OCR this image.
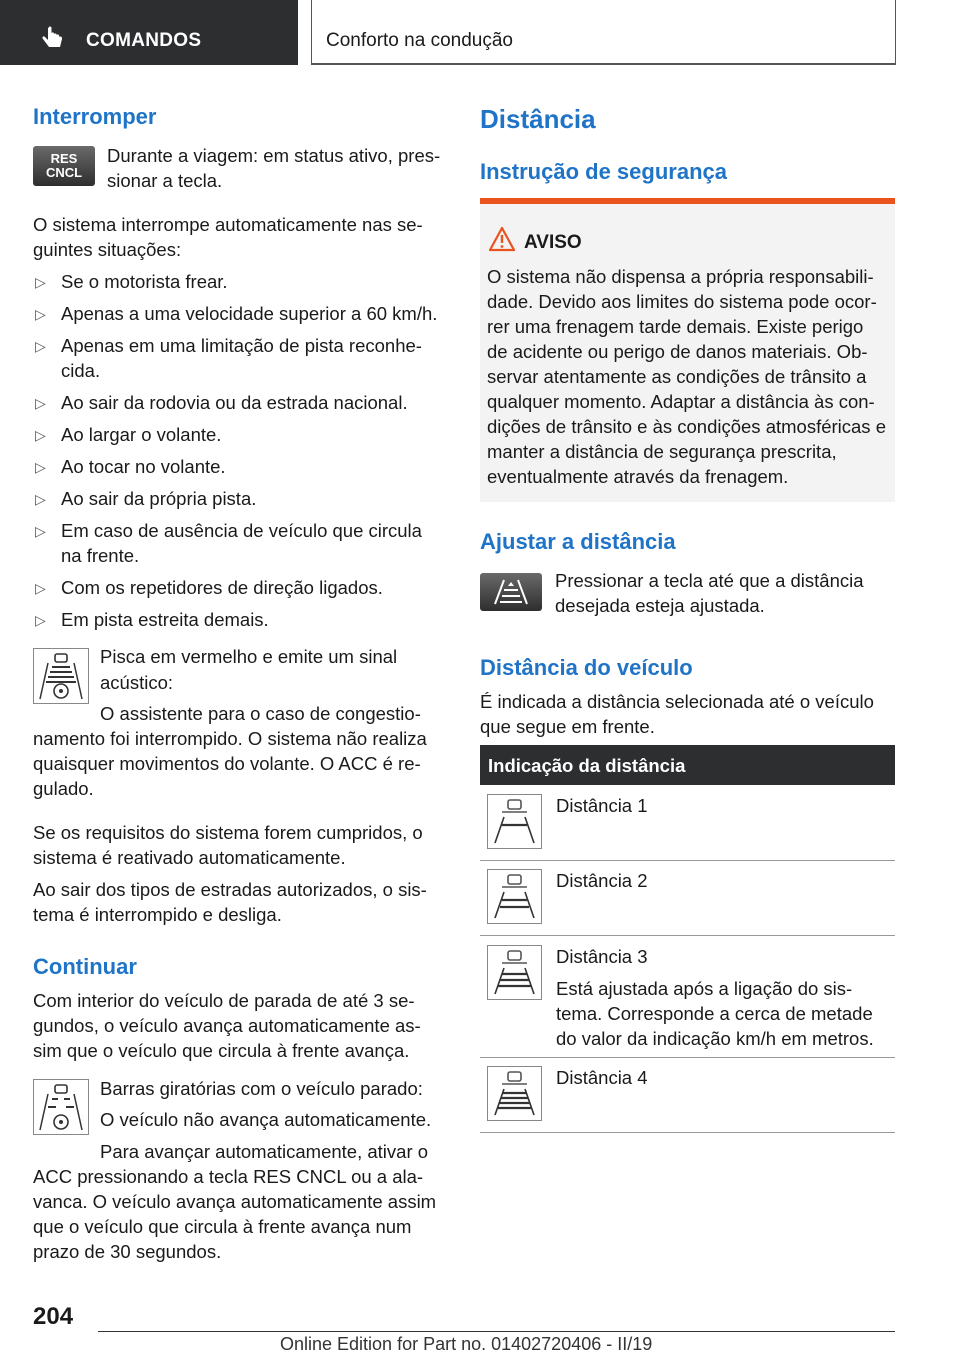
COMANDOS	Conforto na condução
Interromper
RES
CNCL
Durante a viagem: em status ativo, pres-sionar a tecla.
O sistema interrompe automaticamente nas se-guintes situações:
▷ Se o motorista frear.
▷ Apenas a uma velocidade superior a 60 km/h.
▷ Apenas em uma limitação de pista reconhe-cida.
▷ Ao sair da rodovia ou da estrada nacional.
▷ Ao largar o volante.
▷ Ao tocar no volante.
▷ Ao sair da própria pista.
▷ Em caso de ausência de veículo que circula na frente.
▷ Com os repetidores de direção ligados.
▷ Em pista estreita demais.
Pisca em vermelho e emite um sinal
acústico:
O assistente para o caso de congestio-namento foi interrompido. O sistema não realiza quaisquer movimentos do volante. O ACC é re-gulado.
Se os requisitos do sistema forem cumpridos, o sistema é reativado automaticamente.
Ao sair dos tipos de estradas autorizados, o sis-tema é interrompido e desliga.
Continuar
Com interior do veículo de parada de até 3 se-gundos, o veículo avança automaticamente as-sim que o veículo que circula à frente avança.
Barras giratórias com o veículo parado:
O veículo não avança automaticamente.
Para avançar automaticamente, ativar o ACC pressionando a tecla RES CNCL ou a ala-vanca. O veículo avança automaticamente assim que o veículo que circula à frente avança num prazo de 30 segundos.
Distância
Instrução de segurança
AVISO
O sistema não dispensa a própria responsabili-dade. Devido aos limites do sistema pode ocor-rer uma frenagem tarde demais. Existe perigo de acidente ou perigo de danos materiais. Ob-servar atentamente as condições de trânsito a qualquer momento. Adaptar a distância às con-dições de trânsito e às condições atmosféricas e manter a distância de segurança prescrita, eventualmente através da frenagem.
Ajustar a distância
Pressionar a tecla até que a distância desejada esteja ajustada.
Distância do veículo
É indicada a distância selecionada até o veículo que segue em frente.
Indicação da distância
Distância 1
Distância 2
Distância 3
Está ajustada após a ligação do sis-tema. Corresponde a cerca de metade do valor da indicação km/h em metros.
Distância 4
204
Online Edition for Part no. 01402720406 - II/19
